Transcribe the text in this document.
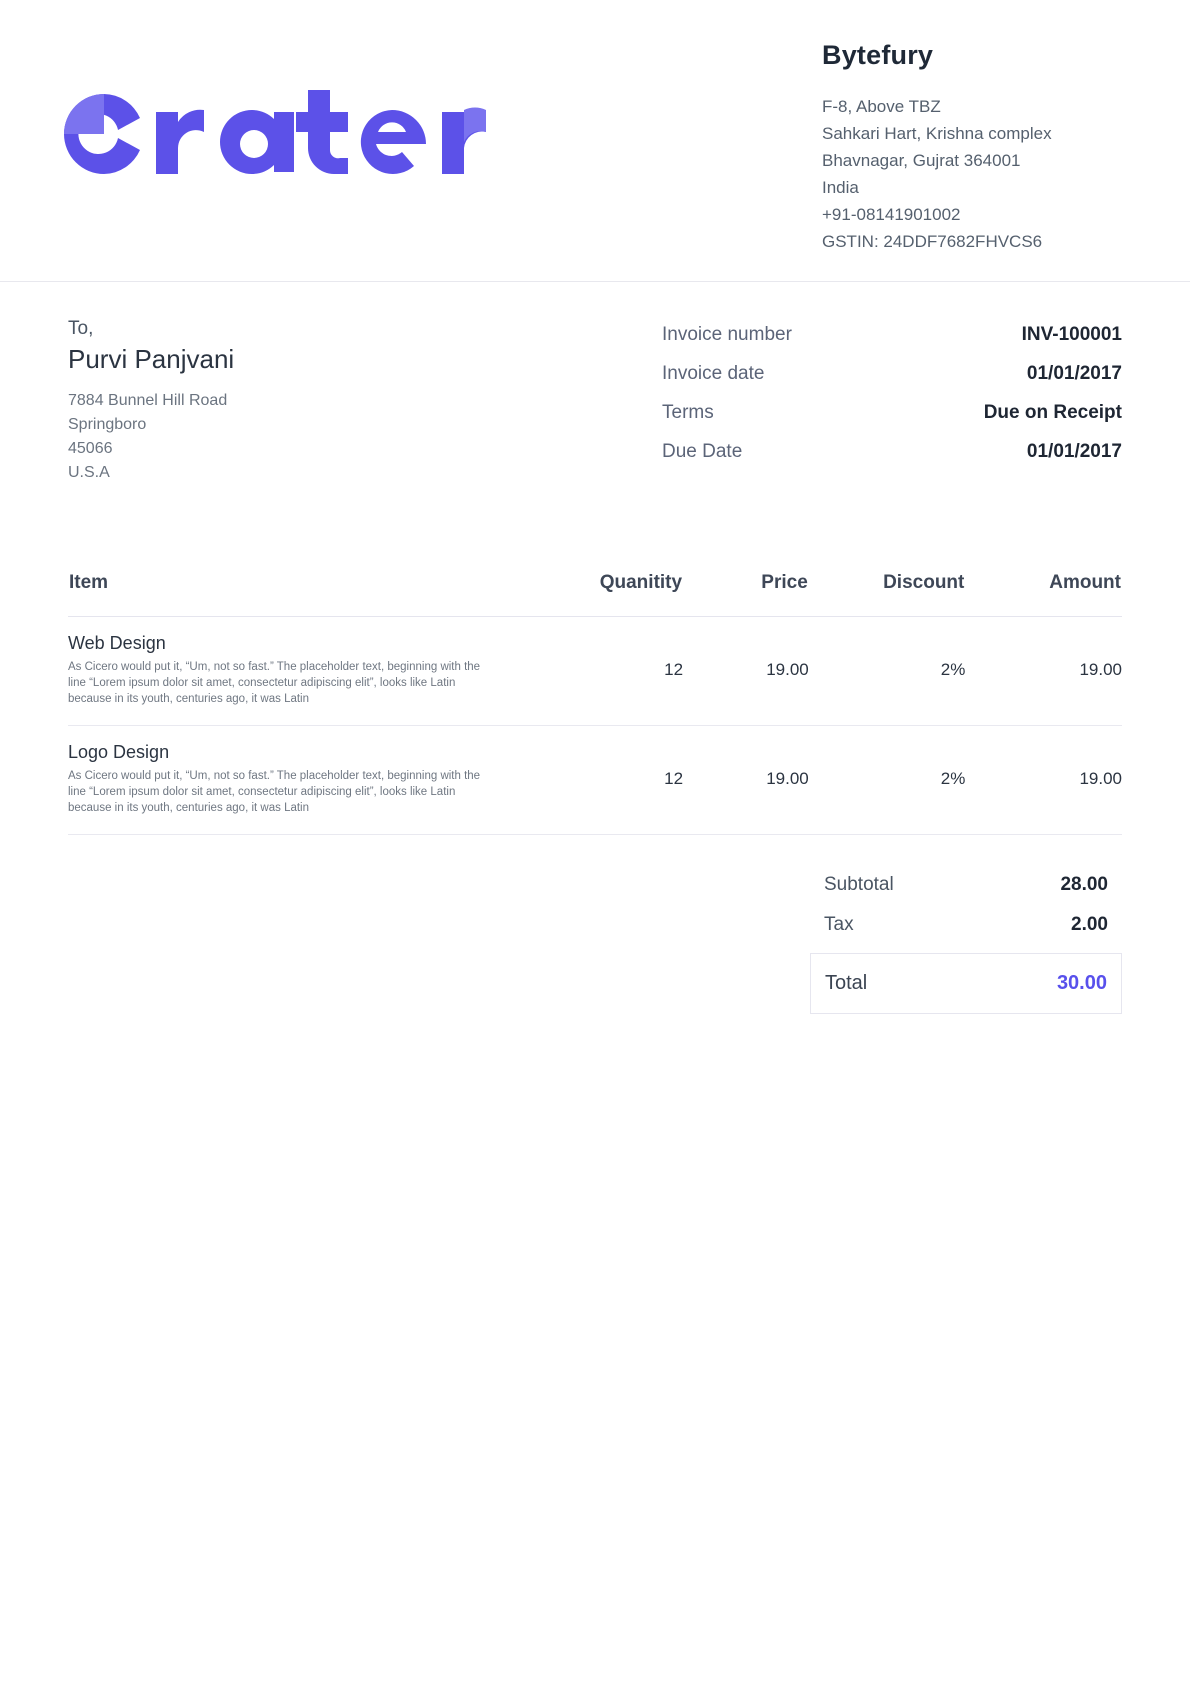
Bytefury
F-8, Above TBZ
Sahkari Hart, Krishna complex
Bhavnagar, Gujrat 364001
India
+91-08141901002
GSTIN: 24DDF7682FHVCS6
To,
Purvi Panjvani
7884 Bunnel Hill Road
Springboro
45066
U.S.A
Invoice number	INV-100001
Invoice date	01/01/2017
Terms	Due on Receipt
Due Date	01/01/2017
Item	Quanitity	Price	Discount	Amount

Web Design
As Cicero would put it, “Um, not so fast.” The placeholder text, beginning with the line “Lorem ipsum dolor sit amet, consectetur adipiscing elit”, looks like Latin because in its youth, centuries ago, it was Latin	12	19.00	2%	19.00

Logo Design
As Cicero would put it, “Um, not so fast.” The placeholder text, beginning with the line “Lorem ipsum dolor sit amet, consectetur adipiscing elit”, looks like Latin because in its youth, centuries ago, it was Latin	12	19.00	2%	19.00
Subtotal	28.00
Tax	2.00
Total	30.00
